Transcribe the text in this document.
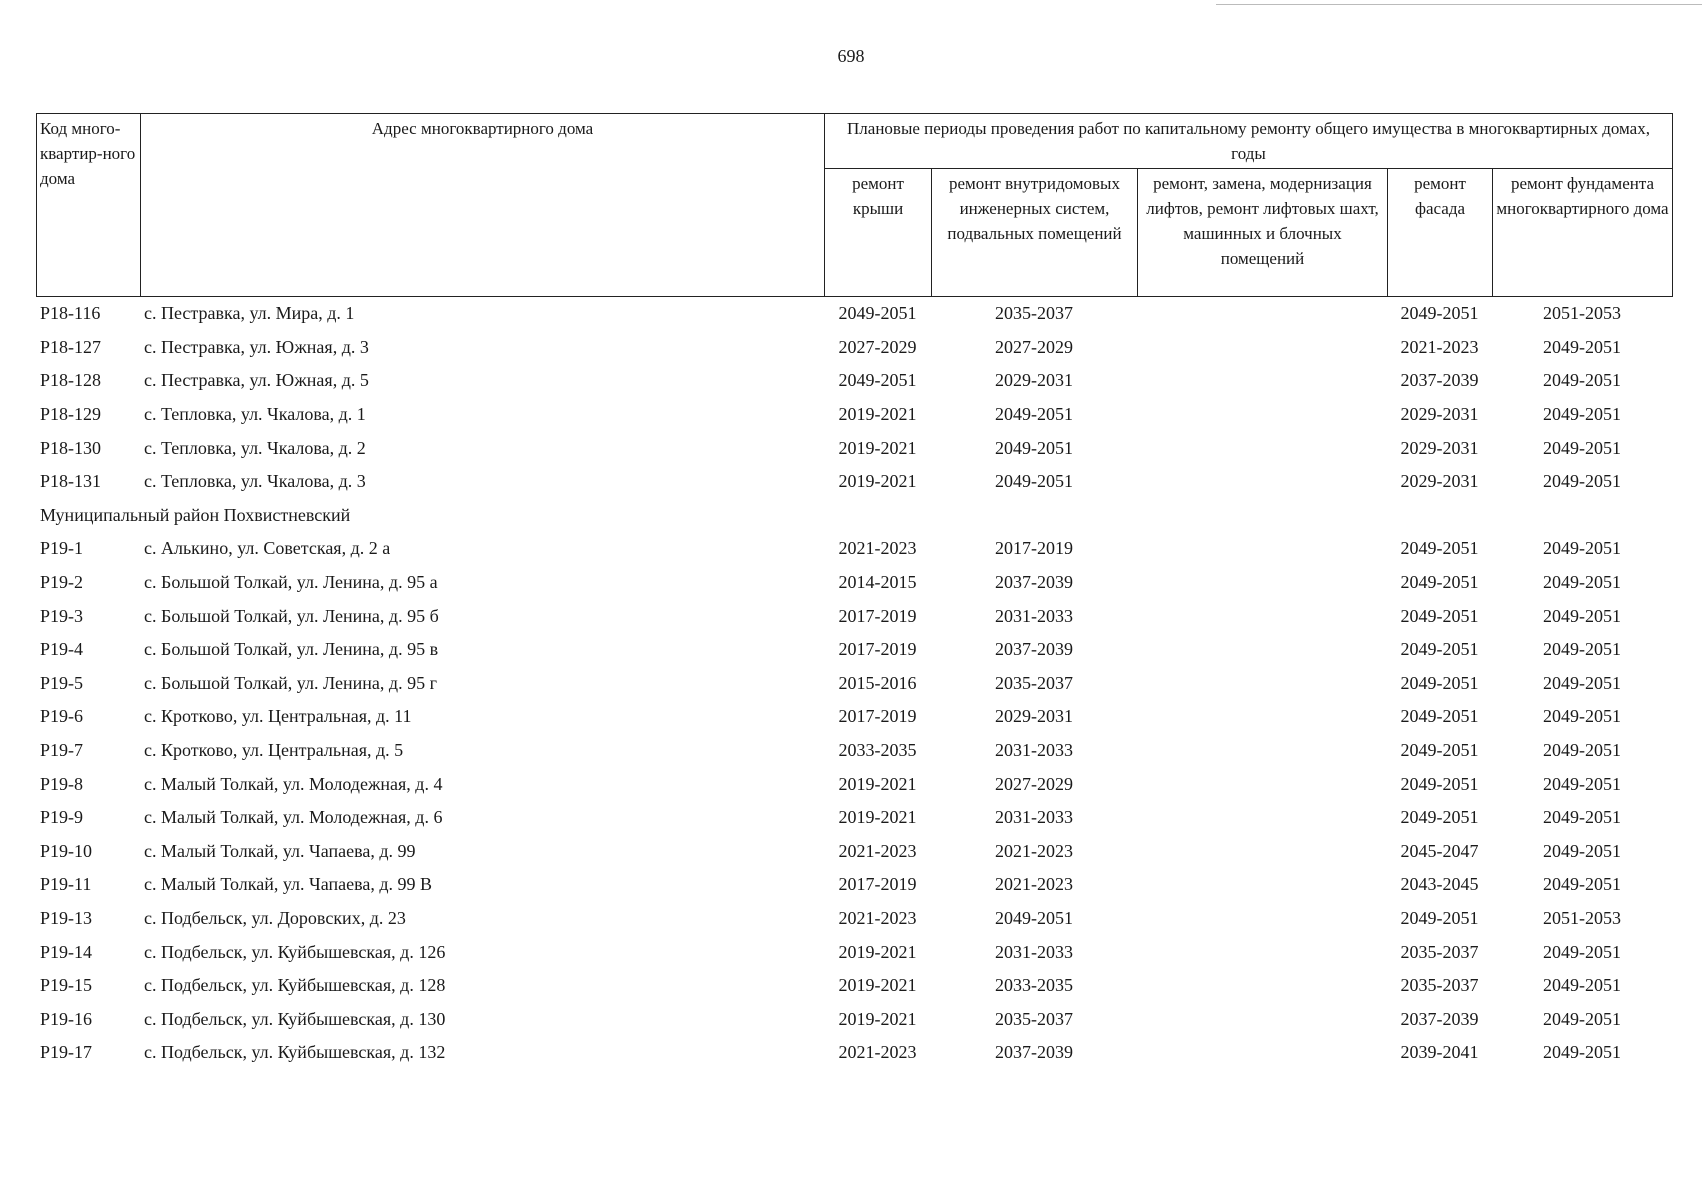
698
Код много-квартир-ного дома	Адрес многоквартирного дома	Плановые периоды проведения работ по капитальному ремонту общего имущества в многоквартирных домах, годы				
		ремонт крыши	ремонт внутридомовых инженерных систем, подвальных помещений	ремонт, замена, модернизация лифтов, ремонт лифтовых шахт, машинных и блочных помещений	ремонт фасада	ремонт фундамента многоквартирного дома
Р18-116	с. Пестравка, ул. Мира, д. 1	2049-2051	2035-2037		2049-2051	2051-2053
Р18-127	с. Пестравка, ул. Южная, д. 3	2027-2029	2027-2029		2021-2023	2049-2051
Р18-128	с. Пестравка, ул. Южная, д. 5	2049-2051	2029-2031		2037-2039	2049-2051
Р18-129	с. Тепловка, ул. Чкалова, д. 1	2019-2021	2049-2051		2029-2031	2049-2051
Р18-130	с. Тепловка, ул. Чкалова, д. 2	2019-2021	2049-2051		2029-2031	2049-2051
Р18-131	с. Тепловка, ул. Чкалова, д. 3	2019-2021	2049-2051		2029-2031	2049-2051
Муниципальный район Похвистневский						
Р19-1	с. Алькино, ул. Советская, д. 2 а	2021-2023	2017-2019		2049-2051	2049-2051
Р19-2	с. Большой Толкай, ул. Ленина, д. 95 а	2014-2015	2037-2039		2049-2051	2049-2051
Р19-3	с. Большой Толкай, ул. Ленина, д. 95 б	2017-2019	2031-2033		2049-2051	2049-2051
Р19-4	с. Большой Толкай, ул. Ленина, д. 95 в	2017-2019	2037-2039		2049-2051	2049-2051
Р19-5	с. Большой Толкай, ул. Ленина, д. 95 г	2015-2016	2035-2037		2049-2051	2049-2051
Р19-6	с. Кротково, ул. Центральная, д. 11	2017-2019	2029-2031		2049-2051	2049-2051
Р19-7	с. Кротково, ул. Центральная, д. 5	2033-2035	2031-2033		2049-2051	2049-2051
Р19-8	с. Малый Толкай, ул. Молодежная, д. 4	2019-2021	2027-2029		2049-2051	2049-2051
Р19-9	с. Малый Толкай, ул. Молодежная, д. 6	2019-2021	2031-2033		2049-2051	2049-2051
Р19-10	с. Малый Толкай, ул. Чапаева, д. 99	2021-2023	2021-2023		2045-2047	2049-2051
Р19-11	с. Малый Толкай, ул. Чапаева, д. 99 В	2017-2019	2021-2023		2043-2045	2049-2051
Р19-13	с. Подбельск, ул. Доровских, д. 23	2021-2023	2049-2051		2049-2051	2051-2053
Р19-14	с. Подбельск, ул. Куйбышевская, д. 126	2019-2021	2031-2033		2035-2037	2049-2051
Р19-15	с. Подбельск, ул. Куйбышевская, д. 128	2019-2021	2033-2035		2035-2037	2049-2051
Р19-16	с. Подбельск, ул. Куйбышевская, д. 130	2019-2021	2035-2037		2037-2039	2049-2051
Р19-17	с. Подбельск, ул. Куйбышевская, д. 132	2021-2023	2037-2039		2039-2041	2049-2051
